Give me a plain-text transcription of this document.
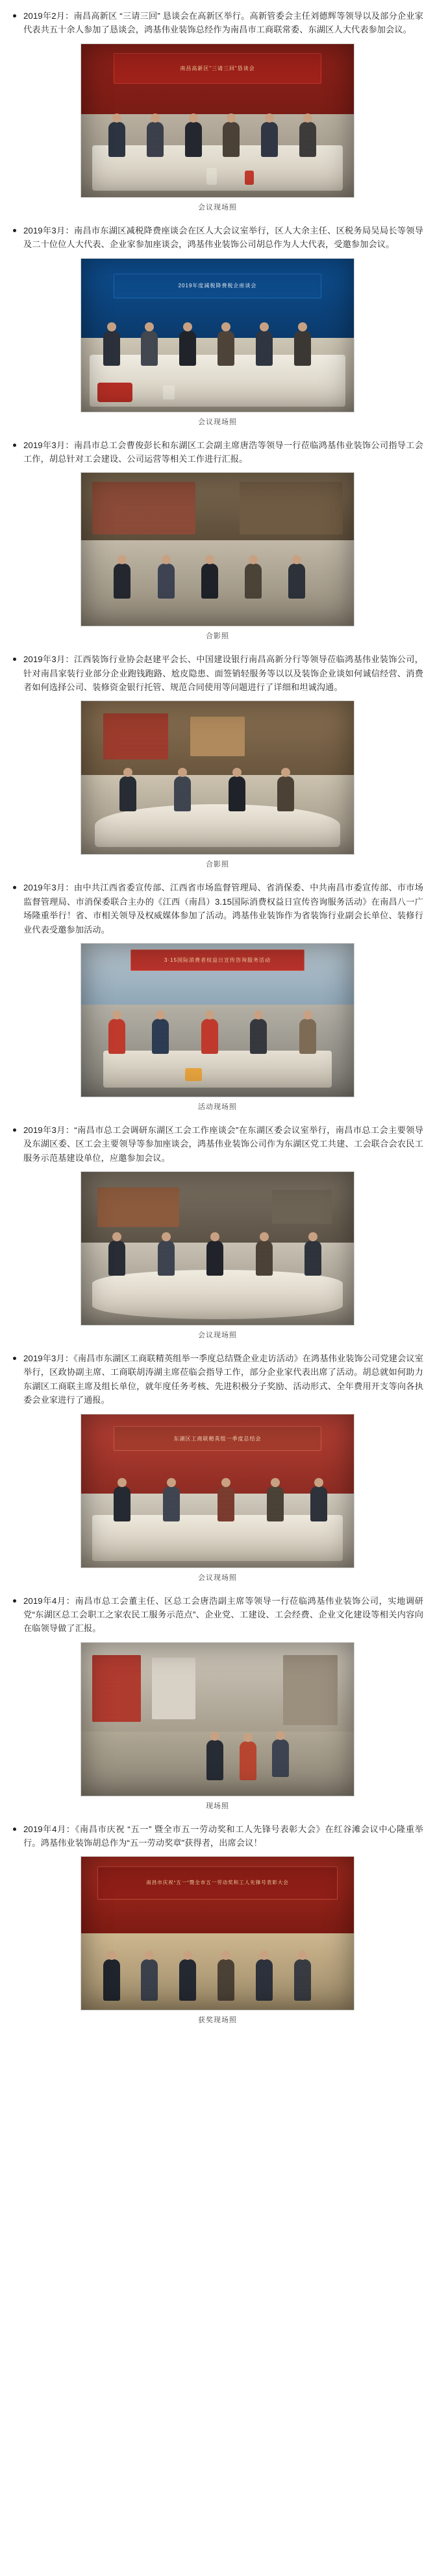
2019年2月：南昌高新区 “三请三回” 恳谈会在高新区举行。高新管委会主任刘德辉等领导以及部分企业家代表共五十余人参加了恳谈会，鸿基伟业装饰总经作为南昌市工商联常委、东湖区人大代表参加会议。
南昌高新区“三请三回”恳谈会
会议现场照
2019年3月：南昌市东湖区减税降费座谈会在区人大会议室举行，区人大余主任、区税务局吴局长等领导及二十位位人大代表、企业家参加座谈会，鸿基伟业装饰公司胡总作为人大代表，受邀参加会议。
2019年度减税降费税企座谈会
会议现场照
2019年3月：南昌市总工会曹俊彭长和东湖区工会副主席唐浩等领导一行莅临鸿基伟业装饰公司指导工会工作，胡总针对工会建设、公司运营等相关工作进行汇报。
合影照
2019年3月：江西装饰行业协会赵建平会长、中国建设银行南昌高新分行等领导莅临鸿基伟业装饰公司，针对南昌家装行业部分企业跑钱跑路、尬皮隐患、面签销轻服务等以以及装饰企业谈如何诚信经营、消费者如何选择公司、装修资金银行托管、规范合同使用等问题进行了详细和坦诚沟通。
合影照
2019年3月：由中共江西省委宣传部、江西省市场监督管理局、省消保委、中共南昌市委宣传部、市市场监督管理局、市消保委联合主办的《江西（南昌）3.15国际消费权益日宣传咨询服务活动》在南昌八一广场隆重举行！省、市相关领导及权威媒体参加了活动。鸿基伟业装饰作为省装饰行业副会长单位、装修行业代表受邀参加活动。
3·15国际消费者权益日宣传咨询服务活动
活动现场照
2019年3月：“南昌市总工会调研东湖区工会工作座谈会”在东湖区委会议室举行，南昌市总工会主要领导及东湖区委、区工会主要领导等参加座谈会，鸿基伟业装饰公司作为东湖区党工共建、工会联合会农民工服务示范基建设单位，应邀参加会议。
会议现场照
2019年3月：《南昌市东湖区工商联精英组举一季度总结暨企业走访活动》在鸿基伟业装饰公司党建会议室举行，区政协副主席、工商联胡涛湖主席莅临会指导工作，部分企业家代表出席了活动。胡总就如何助力东湖区工商联主席及组长单位，就年度任务考核、先进积极分子奖励、活动形式、全年费用开支等向各执委会业家进行了通报。
东湖区工商联精英组一季度总结会
会议现场照
2019年4月：南昌市总工会董主任、区总工会唐浩副主席等领导一行莅临鸿基伟业装饰公司，实地调研党“东湖区总工会职工之家农民工服务示范点”、企业党、工建设、工会经费、企业文化建设等相关内容向在临领导做了汇报。
现场照
2019年4月：《南昌市庆祝 “五一” 暨全市五一劳动奖和工人先锋号表彰大会》在红谷滩会议中心隆重举行。鸿基伟业装饰胡总作为“五一劳动奖章”获得者，出席会议！
南昌市庆祝“五一”暨全市五一劳动奖和工人先锋号表彰大会
获奖现场照
